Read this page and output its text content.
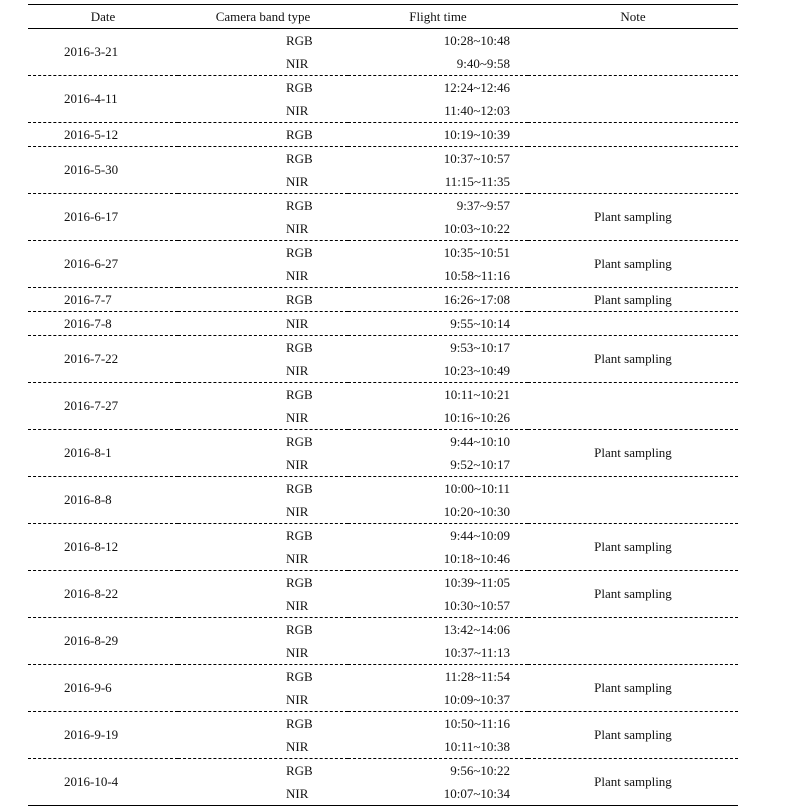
Date	Camera band type	Flight time	Note
2016-3-21	RGB	10:28~10:48	
	NIR	9:40~9:58	
2016-4-11	RGB	12:24~12:46	
	NIR	11:40~12:03	
2016-5-12	RGB	10:19~10:39	
2016-5-30	RGB	10:37~10:57	
	NIR	11:15~11:35	
2016-6-17	RGB	9:37~9:57	Plant sampling
	NIR	10:03~10:22	
2016-6-27	RGB	10:35~10:51	Plant sampling
	NIR	10:58~11:16	
2016-7-7	RGB	16:26~17:08	Plant sampling
2016-7-8	NIR	9:55~10:14	
2016-7-22	RGB	9:53~10:17	Plant sampling
	NIR	10:23~10:49	
2016-7-27	RGB	10:11~10:21	
	NIR	10:16~10:26	
2016-8-1	RGB	9:44~10:10	Plant sampling
	NIR	9:52~10:17	
2016-8-8	RGB	10:00~10:11	
	NIR	10:20~10:30	
2016-8-12	RGB	9:44~10:09	Plant sampling
	NIR	10:18~10:46	
2016-8-22	RGB	10:39~11:05	Plant sampling
	NIR	10:30~10:57	
2016-8-29	RGB	13:42~14:06	
	NIR	10:37~11:13	
2016-9-6	RGB	11:28~11:54	Plant sampling
	NIR	10:09~10:37	
2016-9-19	RGB	10:50~11:16	Plant sampling
	NIR	10:11~10:38	
2016-10-4	RGB	9:56~10:22	Plant sampling
	NIR	10:07~10:34	
